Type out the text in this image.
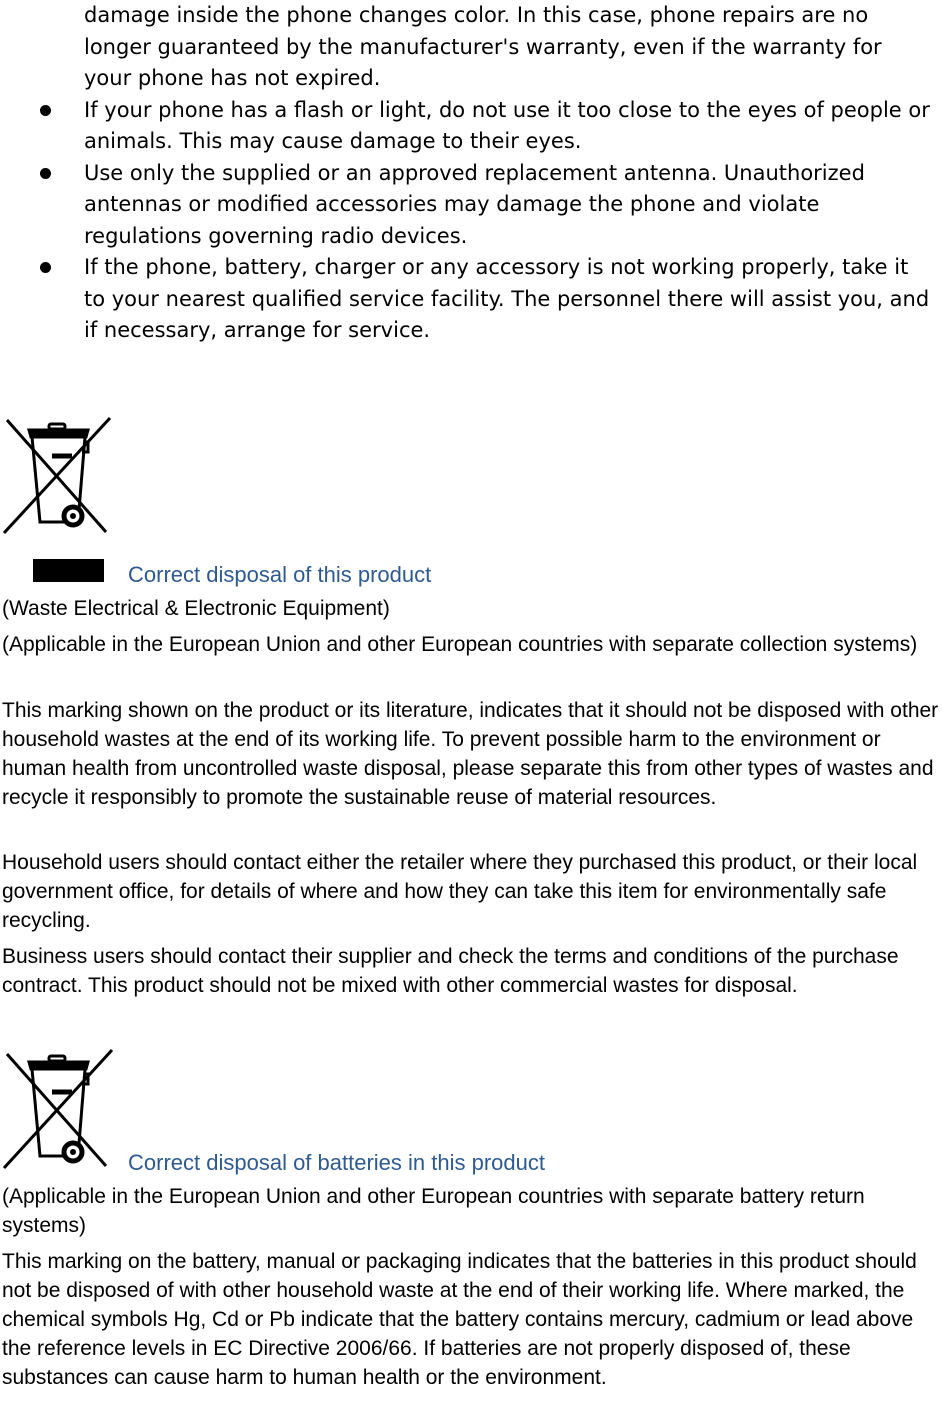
damage inside the phone changes color. In this case, phone repairs are no longer guaranteed by the manufacturer's warranty, even if the warranty for your phone has not expired.
If your phone has a flash or light, do not use it too close to the eyes of people or animals. This may cause damage to their eyes.
Use only the supplied or an approved replacement antenna. Unauthorized antennas or modified accessories may damage the phone and violate regulations governing radio devices.
If the phone, battery, charger or any accessory is not working properly, take it to your nearest qualified service facility. The personnel there will assist you, and if necessary, arrange for service.
Correct disposal of this product

(Waste Electrical & Electronic Equipment)

(Applicable in the European Union and other European countries with separate collection systems)

This marking shown on the product or its literature, indicates that it should not be disposed with other household wastes at the end of its working life. To prevent possible harm to the environment or human health from uncontrolled waste disposal, please separate this from other types of wastes and recycle it responsibly to promote the sustainable reuse of material resources.

Household users should contact either the retailer where they purchased this product, or their local government office, for details of where and how they can take this item for environmentally safe recycling.

Business users should contact their supplier and check the terms and conditions of the purchase contract. This product should not be mixed with other commercial wastes for disposal.

Correct disposal of batteries in this product

(Applicable in the European Union and other European countries with separate battery return systems)

This marking on the battery, manual or packaging indicates that the batteries in this product should not be disposed of with other household waste at the end of their working life. Where marked, the chemical symbols Hg, Cd or Pb indicate that the battery contains mercury, cadmium or lead above the reference levels in EC Directive 2006/66. If batteries are not properly disposed of, these substances can cause harm to human health or the environment.
